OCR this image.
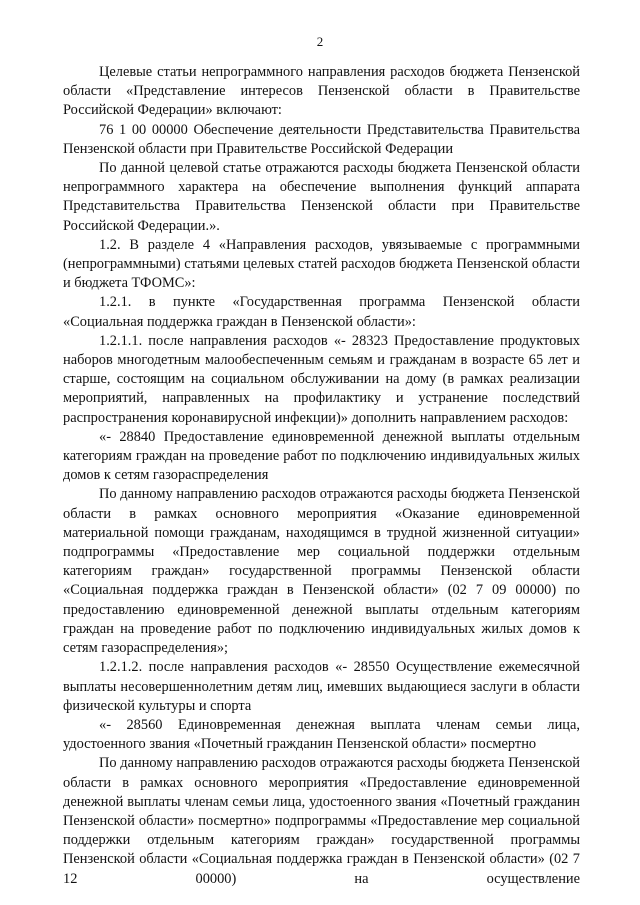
2

Целевые статьи непрограммного направления расходов бюджета Пензенской области «Представление интересов Пензенской области в Правительстве Российской Федерации» включают:

76 1 00 00000 Обеспечение деятельности Представительства Правительства Пензенской области при Правительстве Российской Федерации

По данной целевой статье отражаются расходы бюджета Пензенской области непрограммного характера на обеспечение выполнения функций аппарата Представительства Правительства Пензенской области при Правительстве Российской Федерации.».

1.2. В разделе 4 «Направления расходов, увязываемые с программными (непрограммными) статьями целевых статей расходов бюджета Пензенской области и бюджета ТФОМС»:

1.2.1. в пункте «Государственная программа Пензенской области «Социальная поддержка граждан в Пензенской области»:

1.2.1.1. после направления расходов «- 28323 Предоставление продуктовых наборов многодетным малообеспеченным семьям и гражданам в возрасте 65 лет и старше, состоящим на социальном обслуживании на дому (в рамках реализации мероприятий, направленных на профилактику и устранение последствий распространения коронавирусной инфекции)» дополнить направлением расходов:

«- 28840 Предоставление единовременной денежной выплаты отдельным категориям граждан на проведение работ по подключению индивидуальных жилых домов к сетям газораспределения

По данному направлению расходов отражаются расходы бюджета Пензенской области в рамках основного мероприятия «Оказание единовременной материальной помощи гражданам, находящимся в трудной жизненной ситуации» подпрограммы «Предоставление мер социальной поддержки отдельным категориям граждан» государственной программы Пензенской области «Социальная поддержка граждан в Пензенской области» (02 7 09 00000) по предоставлению единовременной денежной выплаты отдельным категориям граждан на проведение работ по подключению индивидуальных жилых домов к сетям газораспределения»;

1.2.1.2. после направления расходов «- 28550 Осуществление ежемесячной выплаты несовершеннолетним детям лиц, имевших выдающиеся заслуги в области физической культуры и спорта

«- 28560 Единовременная денежная выплата членам семьи лица, удостоенного звания «Почетный гражданин Пензенской области» посмертно

По данному направлению расходов отражаются расходы бюджета Пензенской области в рамках основного мероприятия «Предоставление единовременной денежной выплаты членам семьи лица, удостоенного звания «Почетный гражданин Пензенской области» посмертно» подпрограммы «Предоставление мер социальной поддержки отдельным категориям граждан» государственной программы Пензенской области «Социальная поддержка граждан в Пензенской области» (02 7 12 00000) на осуществление
